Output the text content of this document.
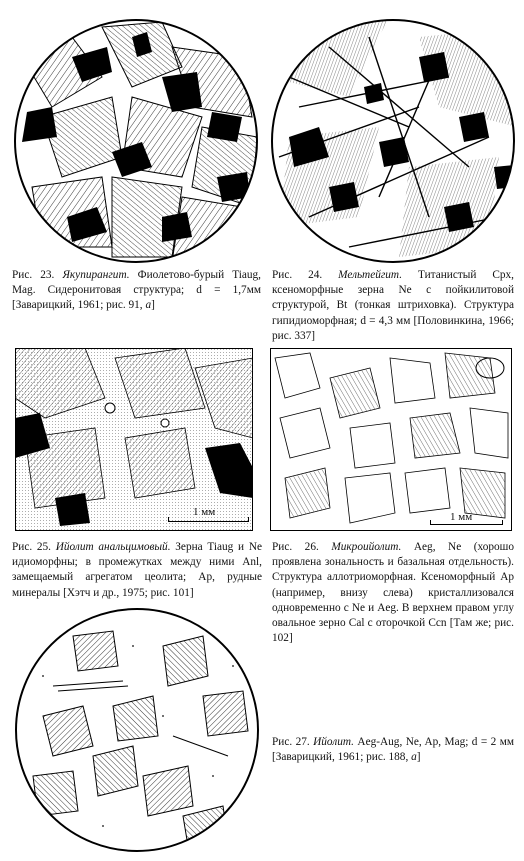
Рис. 23. Якупирангит. Фиолетово-бурый Tiaug, Mag. Сидеронитовая структура; d = 1,7мм [Заварицкий, 1961; рис. 91, а]

Рис. 24. Мельтейгит. Титанистый Cpx, ксеноморфные зерна Ne с пойкилитовой структурой, Bt (тонкая штриховка). Структура гипидиоморфная; d = 4,3 мм [Половинкина, 1966; рис. 337]

1 мм	1 мм

Рис. 25. Ийолит анальцимовый. Зерна Tiaug и Ne идиоморфны; в промежутках между ними Anl, замещаемый агрегатом цеолита; Ap, рудные минералы [Хэтч и др., 1975; рис. 101]

Рис. 26. Микроийолит. Aeg, Ne (хорошо проявлена зональность и базальная отдельность). Структура аллотриоморфная. Ксеноморфный Ap (например, внизу слева) кристаллизовался одновременно с Ne и Aeg. В верхнем правом углу овальное зерно Cal с оторочкой Ccn [Там же; рис. 102]

Рис. 27. Ийолит. Aeg-Aug, Ne, Ap, Mag; d = 2 мм [Заварицкий, 1961; рис. 188, а]
